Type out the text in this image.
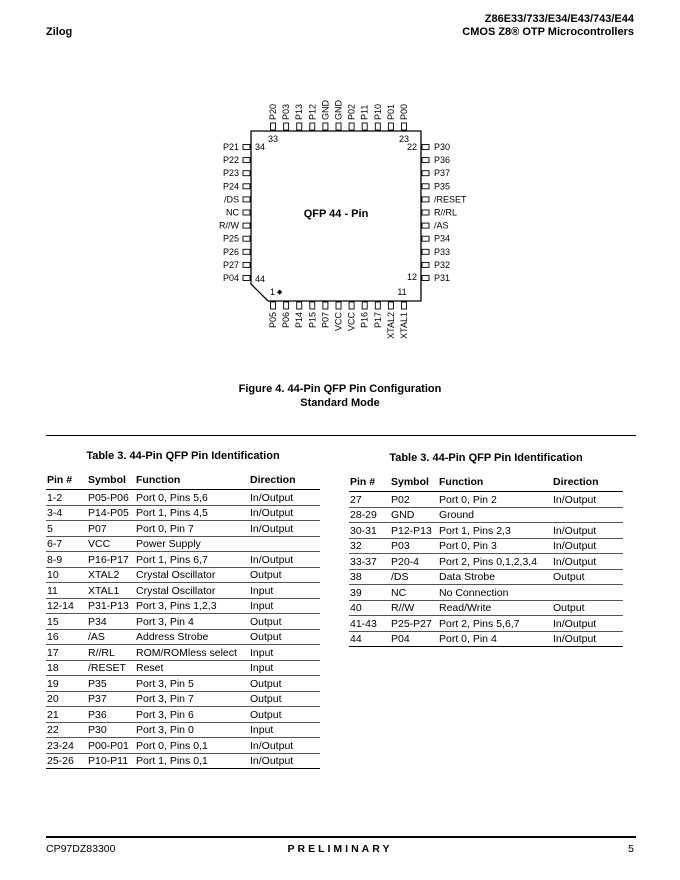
Zilog
Z86E33/733/E34/E43/743/E44
CMOS Z8® OTP Microcontrollers
P20 P03 P13 P12 GND GND P02 P11 P10 P01 P00
P05 P06 P14 P15 P07 VCC VCC P16 P17 XTAL2 XTAL1
P21
P22
P23
P24
/DS
NC
R//W
P25
P26
P27
P04
P30
P36
P37
P35
/RESET
R//RL
/AS
P34
P33
P32
P31
QFP 44 - Pin
33	23
22
34
44	12
1 ◆	11
Figure 4. 44-Pin QFP Pin Configuration
Standard Mode
Table 3. 44-Pin QFP Pin Identification
Pin #	Symbol	Function	Direction
1-2	P05-P06	Port 0, Pins 5,6	In/Output
3-4	P14-P05	Port 1, Pins 4,5	In/Output
5	P07	Port 0, Pin 7	In/Output
6-7	VCC	Power Supply	
8-9	P16-P17	Port 1, Pins 6,7	In/Output
10	XTAL2	Crystal Oscillator	Output
11	XTAL1	Crystal Oscillator	Input
12-14	P31-P13	Port 3, Pins 1,2,3	Input
15	P34	Port 3, Pin 4	Output
16	/AS	Address Strobe	Output
17	R//RL	ROM/ROMless select	Input
18	/RESET	Reset	Input
19	P35	Port 3, Pin 5	Output
20	P37	Port 3, Pin 7	Output
21	P36	Port 3, Pin 6	Output
22	P30	Port 3, Pin 0	Input
23-24	P00-P01	Port 0, Pins 0,1	In/Output
25-26	P10-P11	Port 1, Pins 0,1	In/Output
Table 3. 44-Pin QFP Pin Identification
Pin #	Symbol	Function	Direction
27	P02	Port 0, Pin 2	In/Output
28-29	GND	Ground	
30-31	P12-P13	Port 1, Pins 2,3	In/Output
32	P03	Port 0, Pin 3	In/Output
33-37	P20-4	Port 2, Pins 0,1,2,3,4	In/Output
38	/DS	Data Strobe	Output
39	NC	No Connection	
40	R//W	Read/Write	Output
41-43	P25-P27	Port 2, Pins 5,6,7	In/Output
44	P04	Port 0, Pin 4	In/Output
CP97DZ83300	PRELIMINARY	5
